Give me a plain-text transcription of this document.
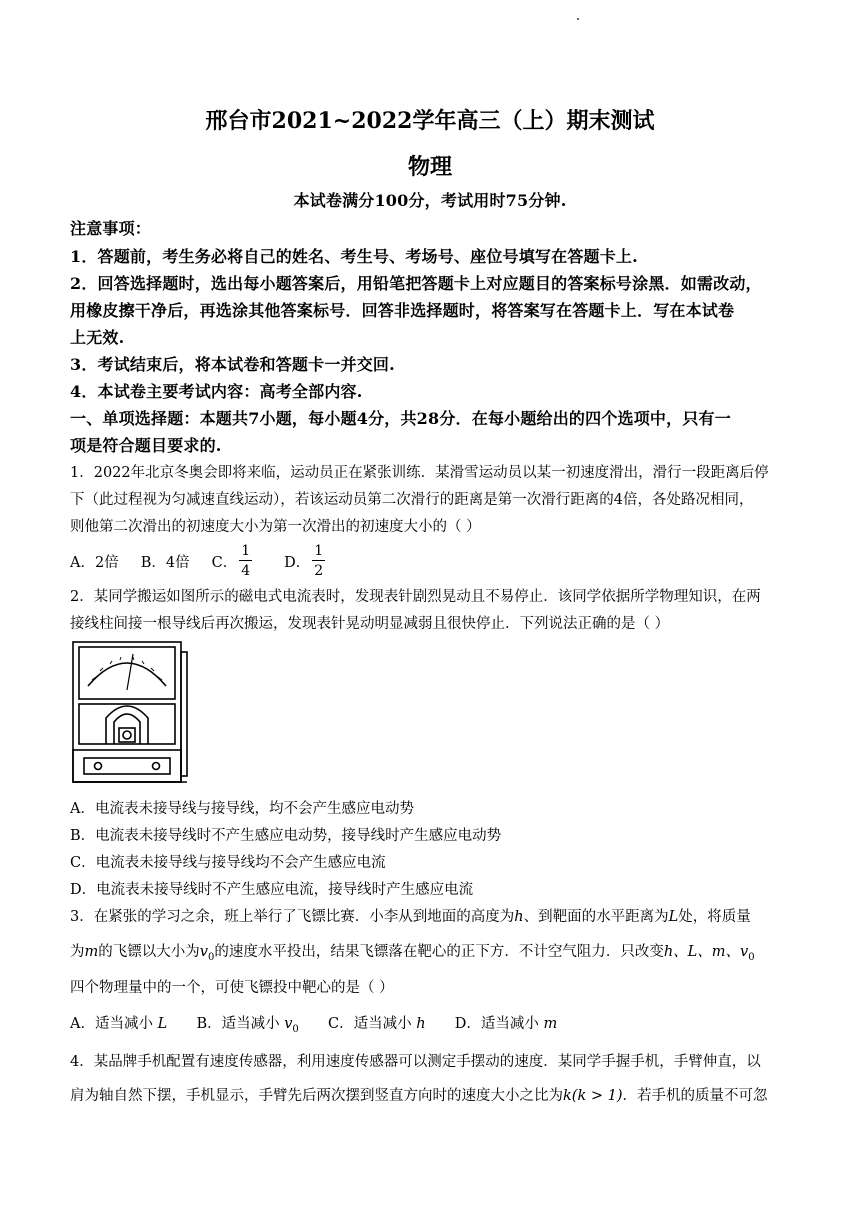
邢台市2021~2022学年高三（上）期末测试
物理
本试卷满分100分，考试用时75分钟.
注意事项：
1．答题前，考生务必将自己的姓名、考生号、考场号、座位号填写在答题卡上.
2．回答选择题时，选出每小题答案后，用铅笔把答题卡上对应题目的答案标号涂黑．如需改动，
用橡皮擦干净后，再选涂其他答案标号．回答非选择题时，将答案写在答题卡上．写在本试卷
上无效.
3．考试结束后，将本试卷和答题卡一并交回.
4．本试卷主要考试内容：高考全部内容.
一、单项选择题：本题共7小题，每小题4分，共28分．在每小题给出的四个选项中，只有一
项是符合题目要求的.
1．2022年北京冬奥会即将来临，运动员正在紧张训练．某滑雪运动员以某一初速度滑出，滑行一段距离后停
下（此过程视为匀减速直线运动），若该运动员第二次滑行的距离是第一次滑行距离的4倍，各处路况相同，
则他第二次滑出的初速度大小为第一次滑出的初速度大小的（ ）
A．2倍 B．4倍 C． $\frac{1}{4}$ D． $\frac{1}{2}$
2．某同学搬运如图所示的磁电式电流表时，发现表针剧烈晃动且不易停止．该同学依据所学物理知识，在两
接线柱间接一根导线后再次搬运，发现表针晃动明显减弱且很快停止．下列说法正确的是（ ）
A．电流表未接导线与接导线，均不会产生感应电动势
B．电流表未接导线时不产生感应电动势，接导线时产生感应电动势
C．电流表未接导线与接导线均不会产生感应电流
D．电流表未接导线时不产生感应电流，接导线时产生感应电流
3．在紧张的学习之余，班上举行了飞镖比赛．小李从到地面的高度为h、到靶面的水平距离为L处，将质量
为m的飞镖以大小为$v_0$的速度水平投出，结果飞镖落在靶心的正下方．不计空气阻力．只改变h、L、m、$v_0$
四个物理量中的一个，可使飞镖投中靶心的是（ ）
A．适当减小 L B．适当减小 $v_0$ C．适当减小 h D．适当减小 m
4．某品牌手机配置有速度传感器，利用速度传感器可以测定手摆动的速度．某同学手握手机，手臂伸直，以
肩为轴自然下摆，手机显示，手臂先后两次摆到竖直方向时的速度大小之比为k(k > 1)．若手机的质量不可忽
